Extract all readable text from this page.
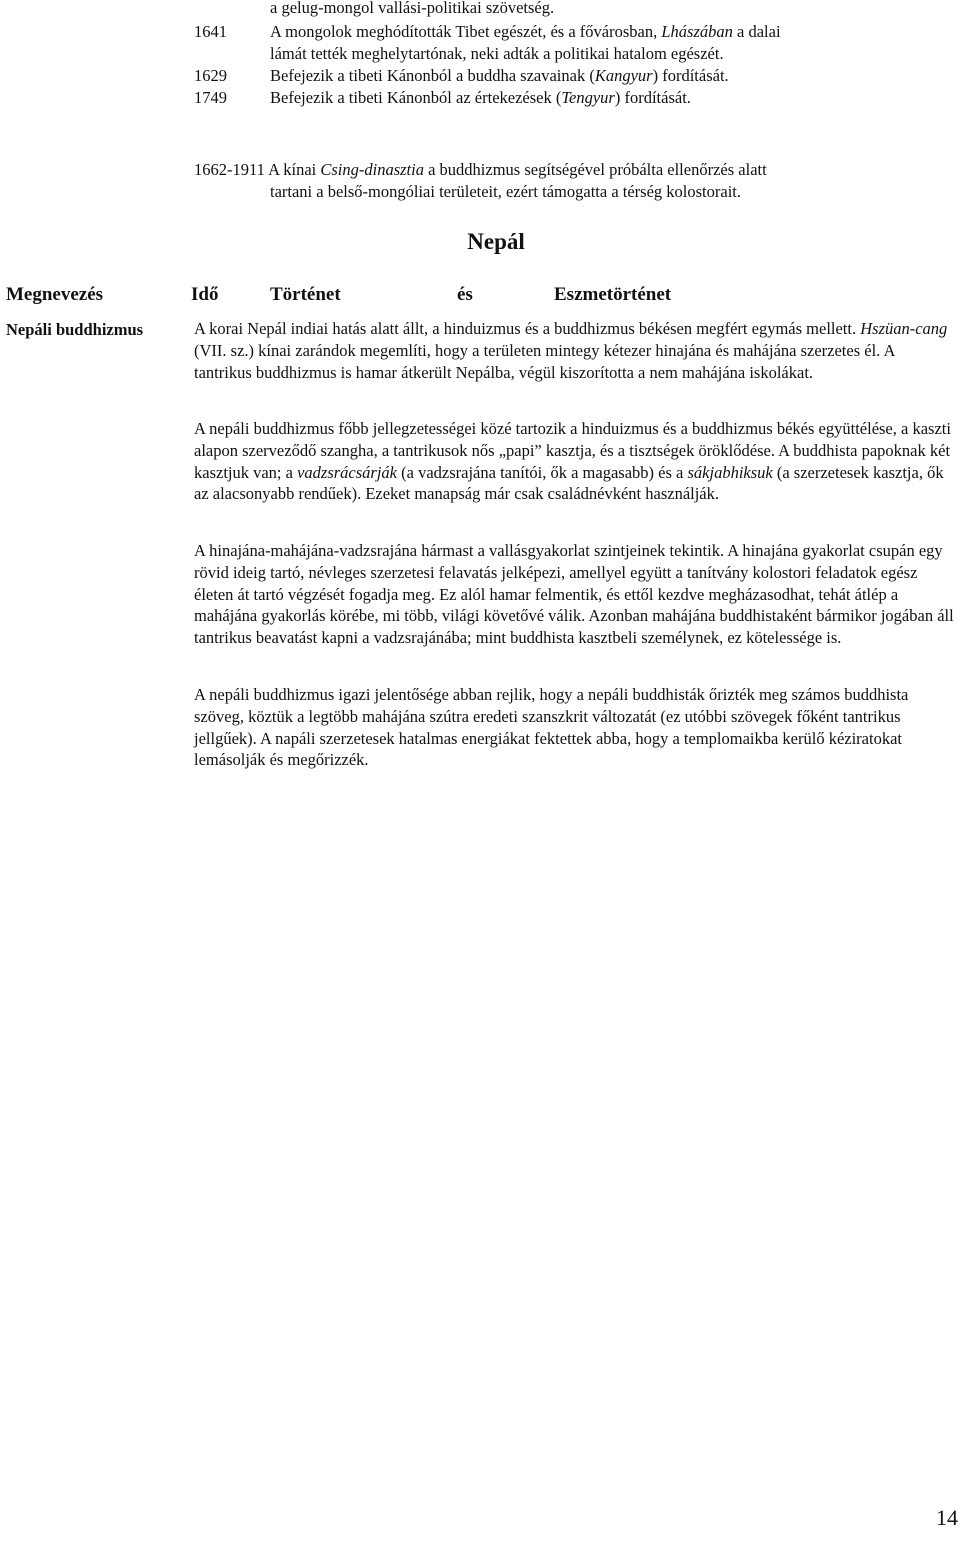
a gelug-mongol vallási-politikai szövetség.
1641	A mongolok meghódították Tibet egészét, és a fővárosban, Lhászában a dalai
lámát tették meghelytartónak, neki adták a politikai hatalom egészét.
1629	Befejezik a tibeti Kánonból a buddha szavainak (Kangyur) fordítását.
1749	Befejezik a tibeti Kánonból az értekezések (Tengyur) fordítását.
1662-1911 A kínai Csing-dinasztia a buddhizmus segítségével próbálta ellenőrzés alatt
tartani a belső-mongóliai területeit, ezért támogatta a térség kolostorait.
Nepál
Megnevezés	Idő	Történet	és	Eszmetörténet
Nepáli buddhizmus	A korai Nepál indiai hatás alatt állt, a hinduizmus és a buddhizmus békésen megfért egymás mellett. Hszüan-cang (VII. sz.) kínai zarándok megemlíti, hogy a területen mintegy kétezer hinajána és mahájána szerzetes él. A tantrikus buddhizmus is hamar átkerült Nepálba, végül kiszorította a nem mahájána iskolákat.
A nepáli buddhizmus főbb jellegzetességei közé tartozik a hinduizmus és a buddhizmus békés együttélése, a kaszti alapon szerveződő szangha, a tantrikusok nős „papi” kasztja, és a tisztségek öröklődése. A buddhista papoknak két kasztjuk van; a vadzsrácsárják (a vadzsrajána tanítói, ők a magasabb) és a sákjabhiksuk (a szerzetesek kasztja, ők az alacsonyabb rendűek). Ezeket manapság már csak családnévként használják.
A hinajána-mahájána-vadzsrajána hármast a vallásgyakorlat szintjeinek tekintik. A hinajána gyakorlat csupán egy rövid ideig tartó, névleges szerzetesi felavatás jelképezi, amellyel együtt a tanítvány kolostori feladatok egész életen át tartó végzését fogadja meg. Ez alól hamar felmentik, és ettől kezdve megházasodhat, tehát átlép a mahájána gyakorlás körébe, mi több, világi követővé válik. Azonban mahájána buddhistaként bármikor jogában áll tantrikus beavatást kapni a vadzsrajánába; mint buddhista kasztbeli személynek, ez kötelessége is.
A nepáli buddhizmus igazi jelentősége abban rejlik, hogy a nepáli buddhisták őrizték meg számos buddhista szöveg, köztük a legtöbb mahájána szútra eredeti szanszkrit változatát (ez utóbbi szövegek főként tantrikus jellgűek). A napáli szerzetesek hatalmas energiákat fektettek abba, hogy a templomaikba kerülő kéziratokat lemásolják és megőrizzék.
14
